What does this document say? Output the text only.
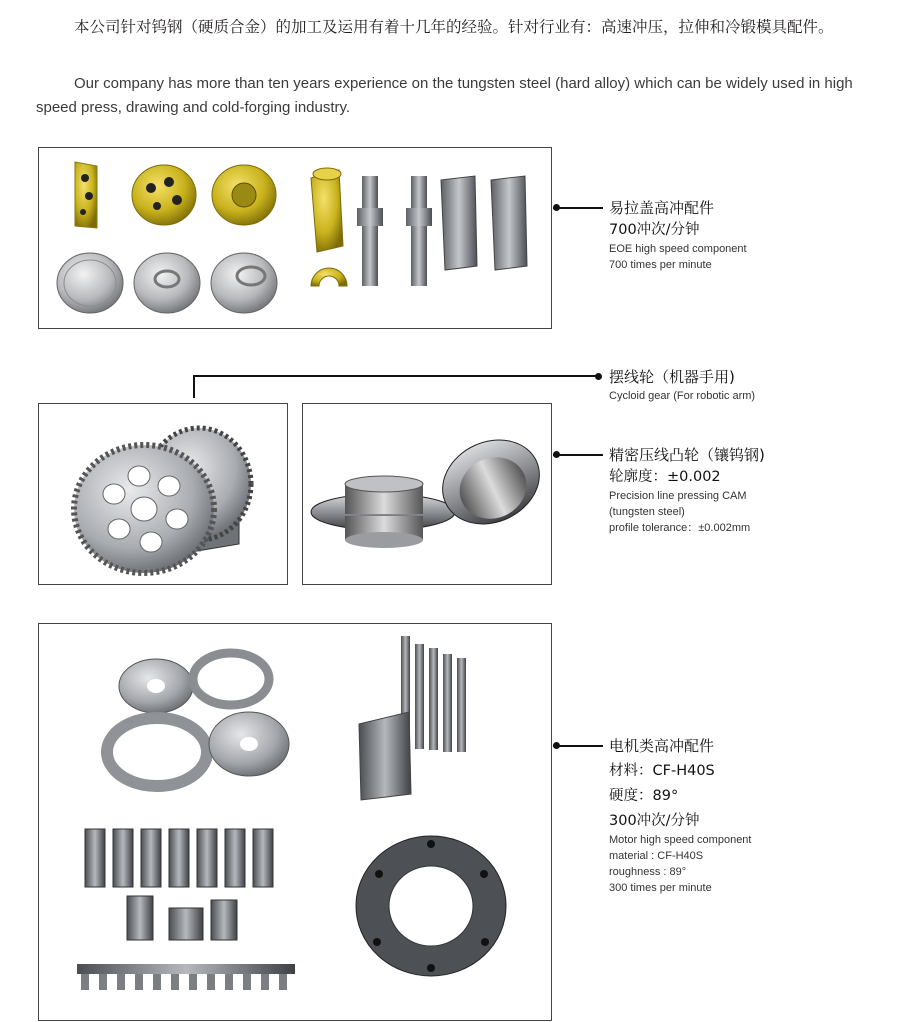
本公司针对钨钢（硬质合金）的加工及运用有着十几年的经验。针对行业有：高速冲压，拉伸和冷锻模具配件。
Our company has more than ten years experience on the tungsten steel (hard alloy) which can be widely used in high speed press, drawing and cold-forging industry.
易拉盖高冲配件
700冲次/分钟
EOE high speed component
700 times per minute
摆线轮（机器手用)
Cycloid gear (For robotic arm)
精密压线凸轮（镶钨钢)
轮廓度：±0.002
Precision line pressing CAM
(tungsten steel)
profile tolerance：±0.002mm
电机类高冲配件
材料：CF-H40S
硬度：89°
300冲次/分钟
Motor high speed component
material : CF-H40S
roughness : 89°
300 times per minute
